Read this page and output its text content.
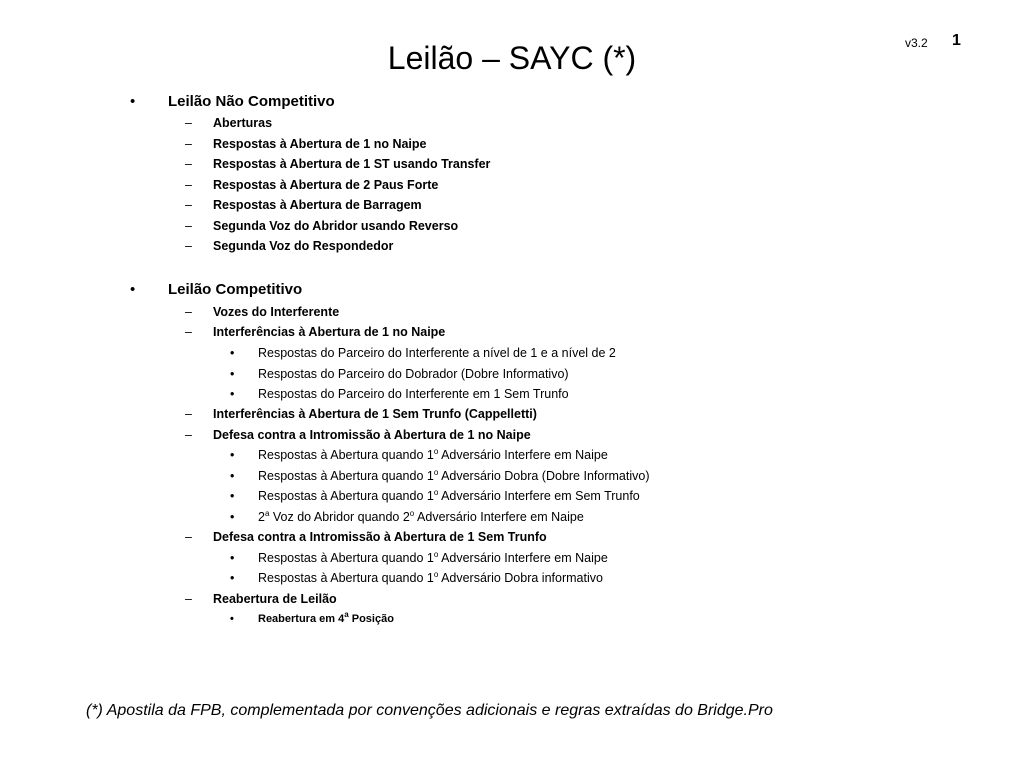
v3.2 1
Leilão – SAYC (*)
• Leilão Não Competitivo
– Aberturas
– Respostas à Abertura de 1 no Naipe
– Respostas à Abertura de 1 ST usando Transfer
– Respostas à Abertura de 2 Paus Forte
– Respostas à Abertura de Barragem
– Segunda Voz do Abridor usando Reverso
– Segunda Voz do Respondedor
• Leilão Competitivo
– Vozes do Interferente
– Interferências à Abertura de 1 no Naipe
• Respostas do Parceiro do Interferente a nível de 1 e a nível de 2
• Respostas do Parceiro do Dobrador (Dobre Informativo)
• Respostas do Parceiro do Interferente em 1 Sem Trunfo
– Interferências à Abertura de 1 Sem Trunfo (Cappelletti)
– Defesa contra a Intromissão à Abertura de 1 no Naipe
• Respostas à Abertura quando 1$^o$ Adversário Interfere em Naipe
• Respostas à Abertura quando 1$^o$ Adversário Dobra (Dobre Informativo)
• Respostas à Abertura quando 1$^o$ Adversário Interfere em Sem Trunfo
• 2$^a$ Voz do Abridor quando 2$^o$ Adversário Interfere em Naipe
– Defesa contra a Intromissão à Abertura de 1 Sem Trunfo
• Respostas à Abertura quando 1$^o$ Adversário Interfere em Naipe
• Respostas à Abertura quando 1$^o$ Adversário Dobra informativo
– Reabertura de Leilão
• Reabertura em 4$^a$ Posição
(*) Apostila da FPB, complementada por convenções adicionais e regras extraídas do Bridge.Pro
